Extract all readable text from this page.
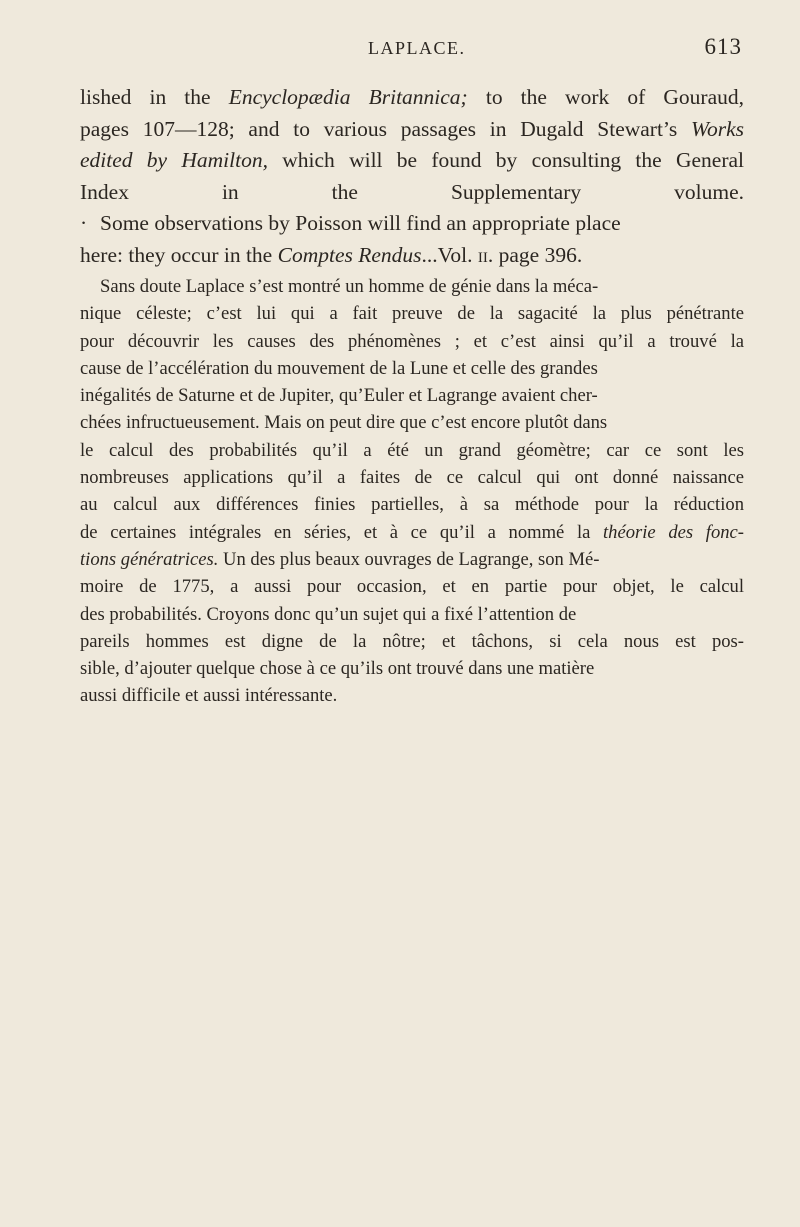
LAPLACE.	613

lished in the Encyclopædia Britannica; to the work of Gouraud,
pages 107—128; and to various passages in Dugald Stewart’s Works
edited by Hamilton, which will be found by consulting the General
Index in the Supplementary volume.

· Some observations by Poisson will find an appropriate place
here: they occur in the Comptes Rendus...Vol. ii. page 396.

Sans doute Laplace s’est montré un homme de génie dans la méca-
nique céleste; c’est lui qui a fait preuve de la sagacité la plus pénétrante
pour découvrir les causes des phénomènes ; et c’est ainsi qu’il a trouvé la
cause de l’accélération du mouvement de la Lune et celle des grandes
inégalités de Saturne et de Jupiter, qu’Euler et Lagrange avaient cher-
chées infructueusement. Mais on peut dire que c’est encore plutôt dans
le calcul des probabilités qu’il a été un grand géomètre; car ce sont les
nombreuses applications qu’il a faites de ce calcul qui ont donné naissance
au calcul aux différences finies partielles, à sa méthode pour la réduction
de certaines intégrales en séries, et à ce qu’il a nommé la théorie des fonc-
tions génératrices. Un des plus beaux ouvrages de Lagrange, son Mé-
moire de 1775, a aussi pour occasion, et en partie pour objet, le calcul
des probabilités. Croyons donc qu’un sujet qui a fixé l’attention de
pareils hommes est digne de la nôtre; et tâchons, si cela nous est pos-
sible, d’ajouter quelque chose à ce qu’ils ont trouvé dans une matière
aussi difficile et aussi intéressante.
